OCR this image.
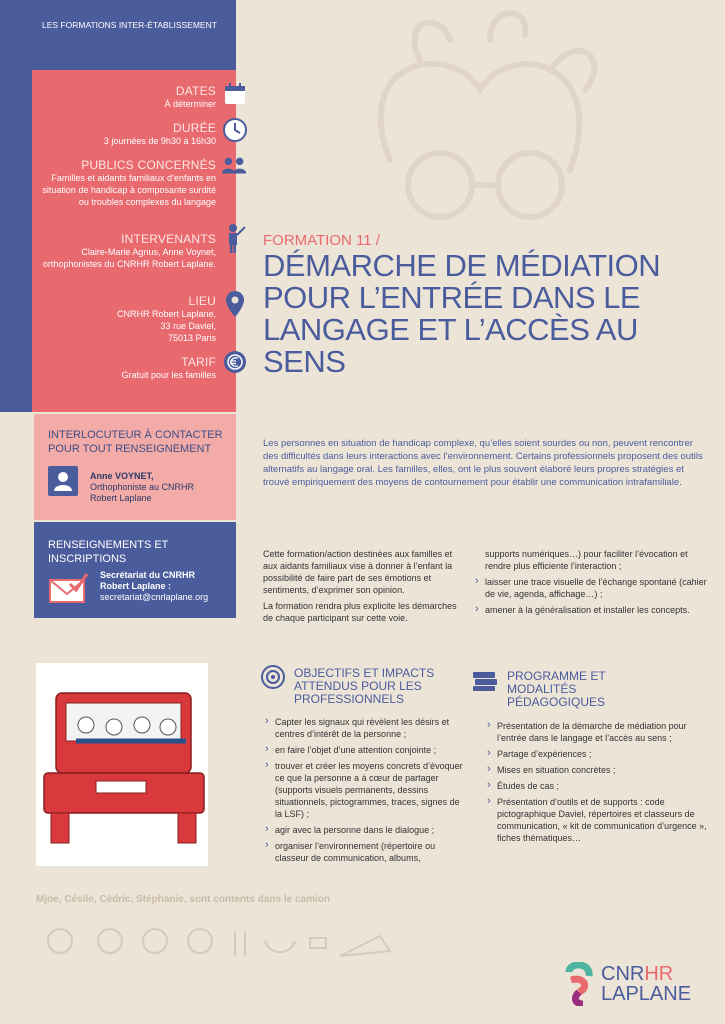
LES FORMATIONS INTER-ÉTABLISSEMENT
DATES
À déterminer
DURÉE
3 journées de 9h30 à 16h30
PUBLICS CONCERNÉS
Familles et aidants familiaux d’enfants en situation de handicap à composante surdité ou troubles complexes du langage
INTERVENANTS
Claire-Marie Agnus, Anne Voynet, orthophonistes du CNRHR Robert Laplane.
LIEU
CNRHR Robert Laplane,
33 rue Daviel,
75013 Paris
TARIF
Gratuit pour les familles
INTERLOCUTEUR À CONTACTER POUR TOUT RENSEIGNEMENT
Anne VOYNET,
Orthophoniste au CNRHR Robert Laplane
RENSEIGNEMENTS ET INSCRIPTIONS
Secrétariat du CNRHR Robert Laplane :
secretariat@cnrlaplane.org
FORMATION 11 /
DÉMARCHE DE MÉDIATION POUR L’ENTRÉE DANS LE LANGAGE ET L’ACCÈS AU SENS
Les personnes en situation de handicap complexe, qu’elles soient sourdes ou non, peuvent rencontrer des difficultés dans leurs interactions avec l’environnement. Certains professionnels proposent des outils alternatifs au langage oral. Les familles, elles, ont le plus souvent élaboré leurs propres stratégies et trouvé empiriquement des moyens de contournement pour établir une communication intrafamiliale.

Cette formation/action destinées aux familles et aux aidants familiaux vise à donner à l’enfant la possibilité de faire part de ses émotions et sentiments, d’exprimer son opinion.

La formation rendra plus explicite les démarches de chaque participant sur cette voie.

supports numériques…) pour faciliter l’évocation et rendre plus efficiente l’interaction ;

› laisser une trace visuelle de l’échange spontané (cahier de vie, agenda, affichage…) ;
› amener à la généralisation et installer les concepts.
OBJECTIFS ET IMPACTS ATTENDUS POUR LES PROFESSIONNELS
› Capter les signaux qui révèlent les désirs et centres d’intérêt de la personne ;
› en faire l’objet d’une attention conjointe ;
› trouver et créer les moyens concrets d’évoquer ce que la personne a à cœur de partager (supports visuels permanents, dessins situationnels, pictogrammes, traces, signes de la LSF) ;
› agir avec la personne dans le dialogue ;
› organiser l’environnement (répertoire ou classeur de communication, albums,
PROGRAMME ET MODALITÉS PÉDAGOGIQUES
› Présentation de la démarche de médiation pour l’entrée dans le langage et l’accès au sens ;
› Partage d’expériences ;
› Mises en situation concrètes ;
› Études de cas ;
› Présentation d’outils et de supports : code pictographique Daviel, répertoires et classeurs de communication, « kit de communication d’urgence », fiches thématiques…
Mjoe, Césile, Cédric, Stéphanie, sont contents dans le camion
CNRHR
LAPLANE
